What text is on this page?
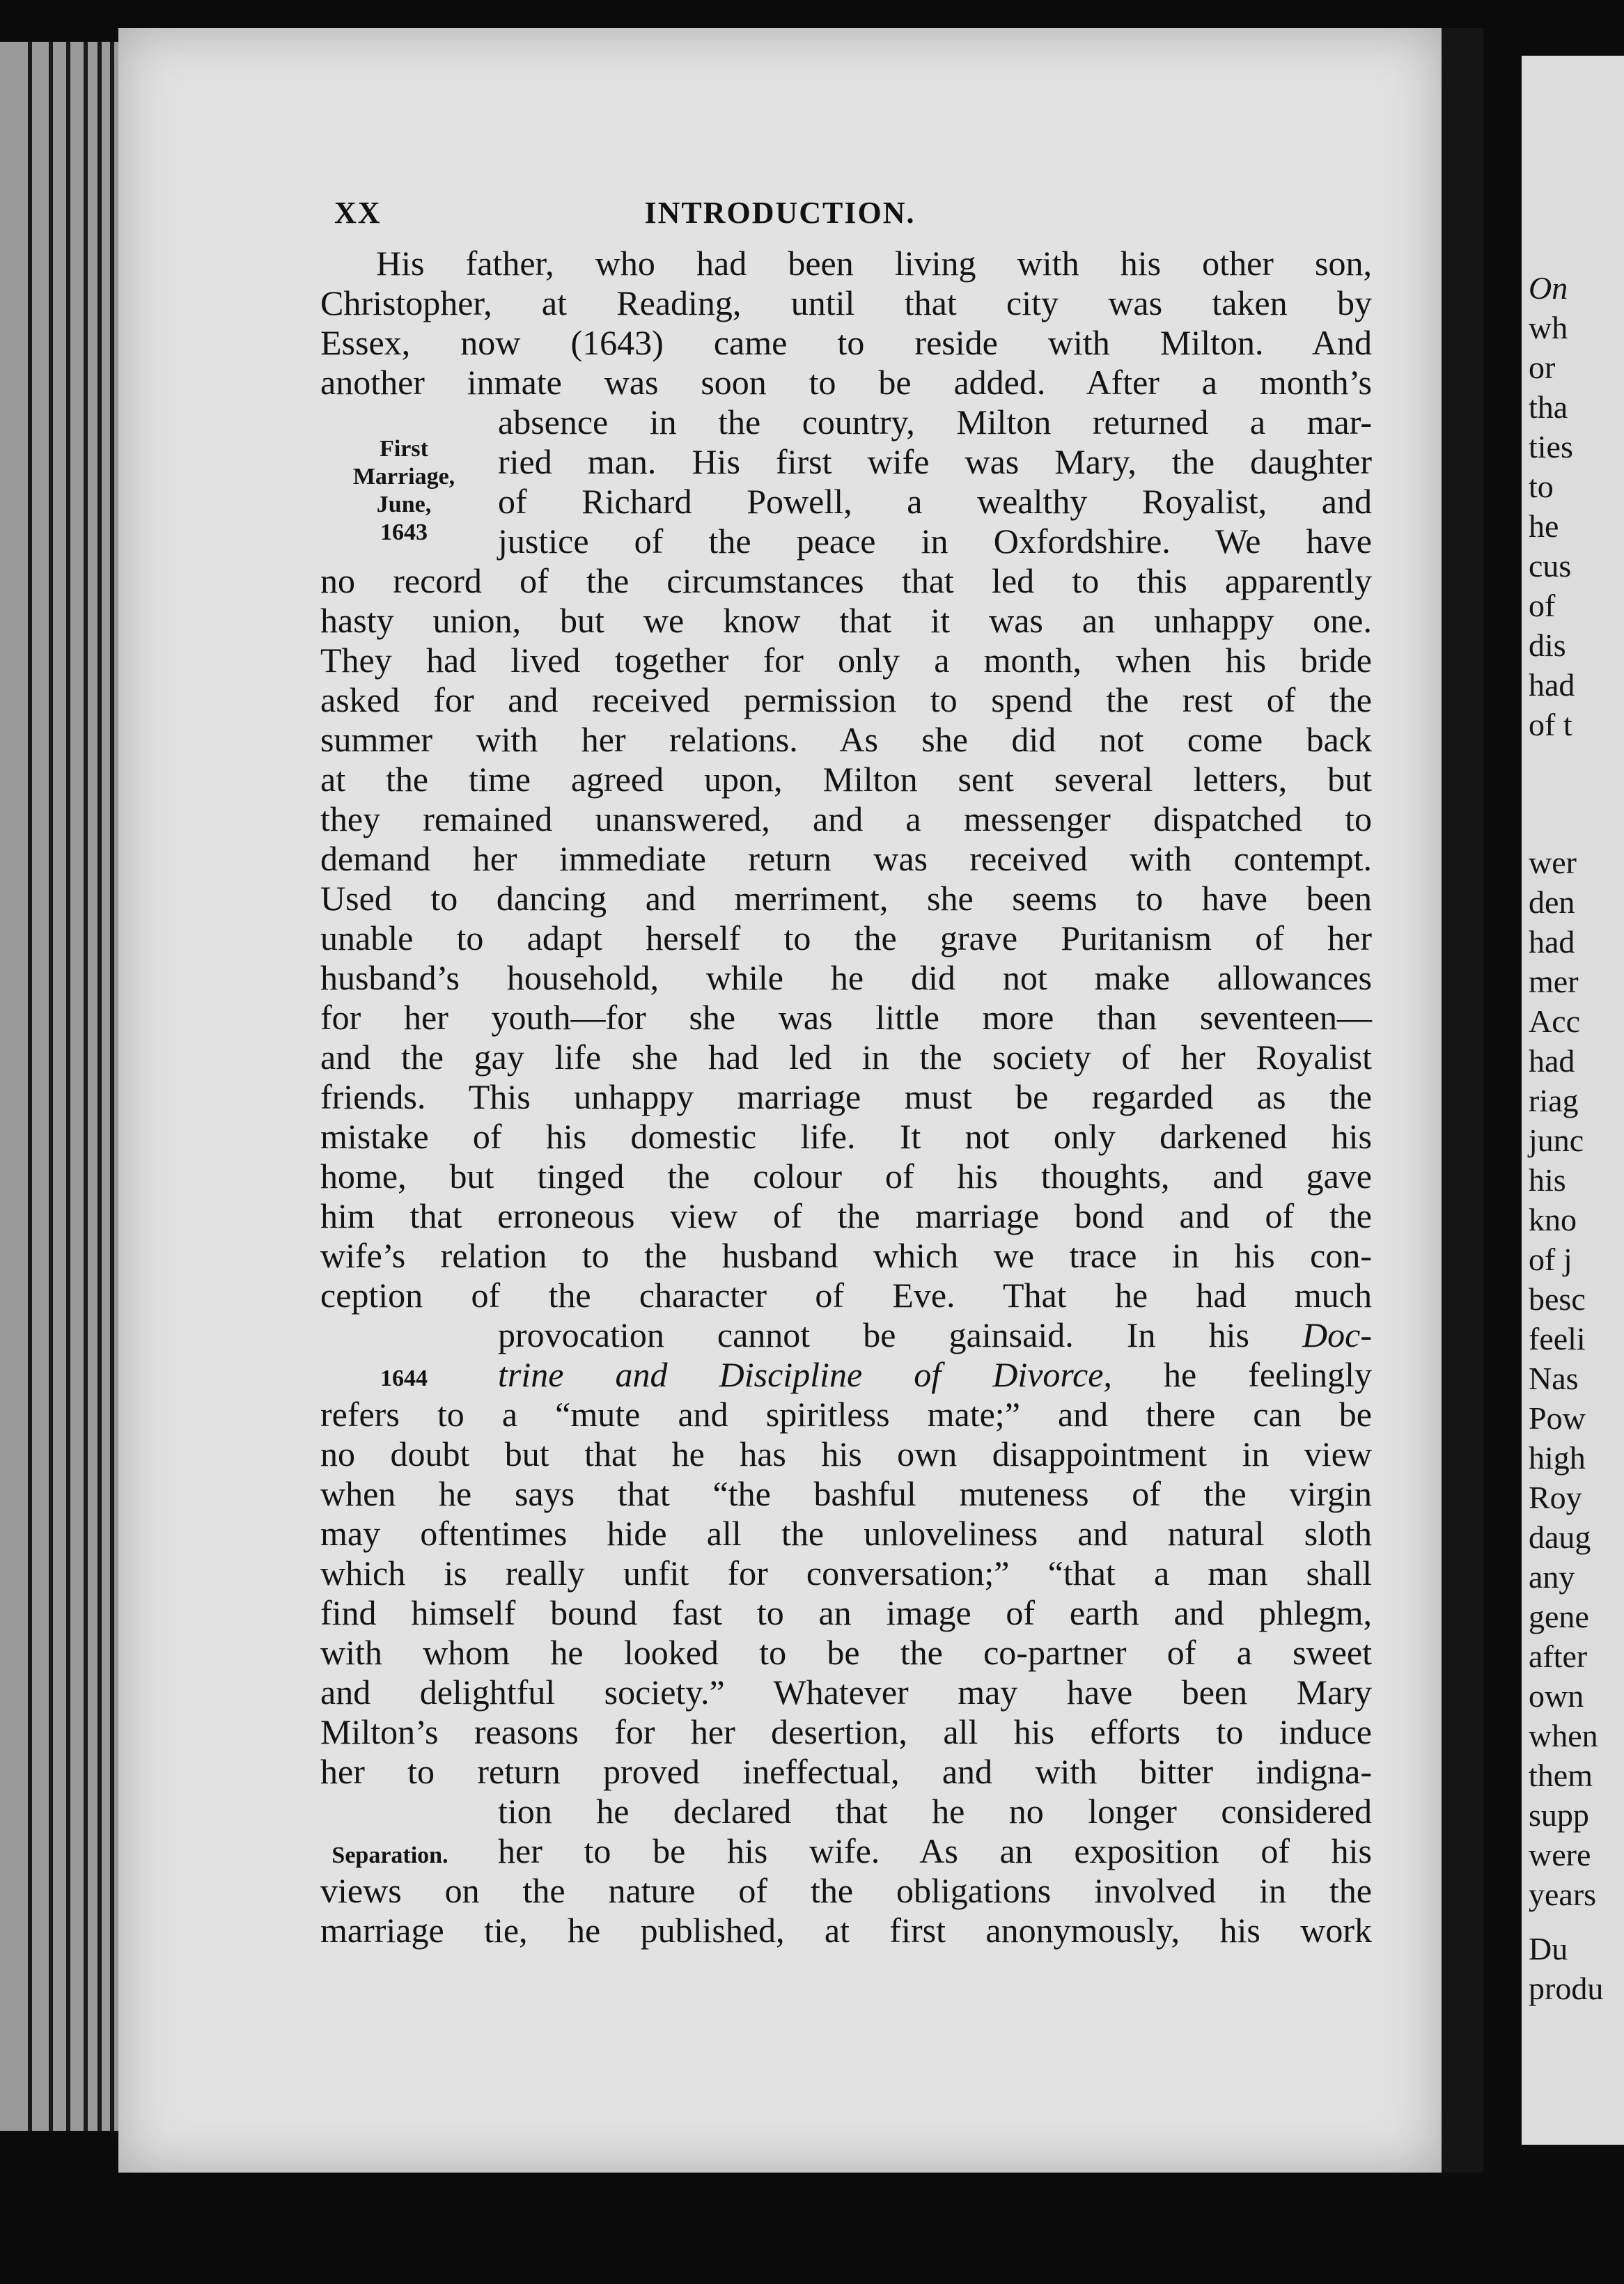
XX	INTRODUCTION.
First
Marriage,
June,
1643
1644
Separation.
His father, who had been living with his other son,
Christopher, at Reading, until that city was taken by
Essex, now (1643) came to reside with Milton. And
another inmate was soon to be added. After a month’s
absence in the country, Milton returned a mar-
ried man. His first wife was Mary, the daughter
of Richard Powell, a wealthy Royalist, and
justice of the peace in Oxfordshire. We have
no record of the circumstances that led to this apparently
hasty union, but we know that it was an unhappy one.
They had lived together for only a month, when his bride
asked for and received permission to spend the rest of the
summer with her relations. As she did not come back
at the time agreed upon, Milton sent several letters, but
they remained unanswered, and a messenger dispatched to
demand her immediate return was received with contempt.
Used to dancing and merriment, she seems to have been
unable to adapt herself to the grave Puritanism of her
husband’s household, while he did not make allowances
for her youth—for she was little more than seventeen—
and the gay life she had led in the society of her Royalist
friends. This unhappy marriage must be regarded as the
mistake of his domestic life. It not only darkened his
home, but tinged the colour of his thoughts, and gave
him that erroneous view of the marriage bond and of the
wife’s relation to the husband which we trace in his con-
ception of the character of Eve. That he had much
provocation cannot be gainsaid. In his Doc-
trine and Discipline of Divorce, he feelingly
refers to a “mute and spiritless mate;” and there can be
no doubt but that he has his own disappointment in view
when he says that “the bashful muteness of the virgin
may oftentimes hide all the unloveliness and natural sloth
which is really unfit for conversation;” “that a man shall
find himself bound fast to an image of earth and phlegm,
with whom he looked to be the co-partner of a sweet
and delightful society.” Whatever may have been Mary
Milton’s reasons for her desertion, all his efforts to induce
her to return proved ineffectual, and with bitter indigna-
tion he declared that he no longer considered
her to be his wife. As an exposition of his
views on the nature of the obligations involved in the
marriage tie, he published, at first anonymously, his work
On
wh
or
tha
ties
to
he
cus
of
dis
had
of t
wer
den
had
mer
Acc
had
riag
junc
his
kno
of j
besc
feeli
Nas
Pow
high
Roy
daug
any
gene
after
own
when
them
supp
were
years
Du
produ
